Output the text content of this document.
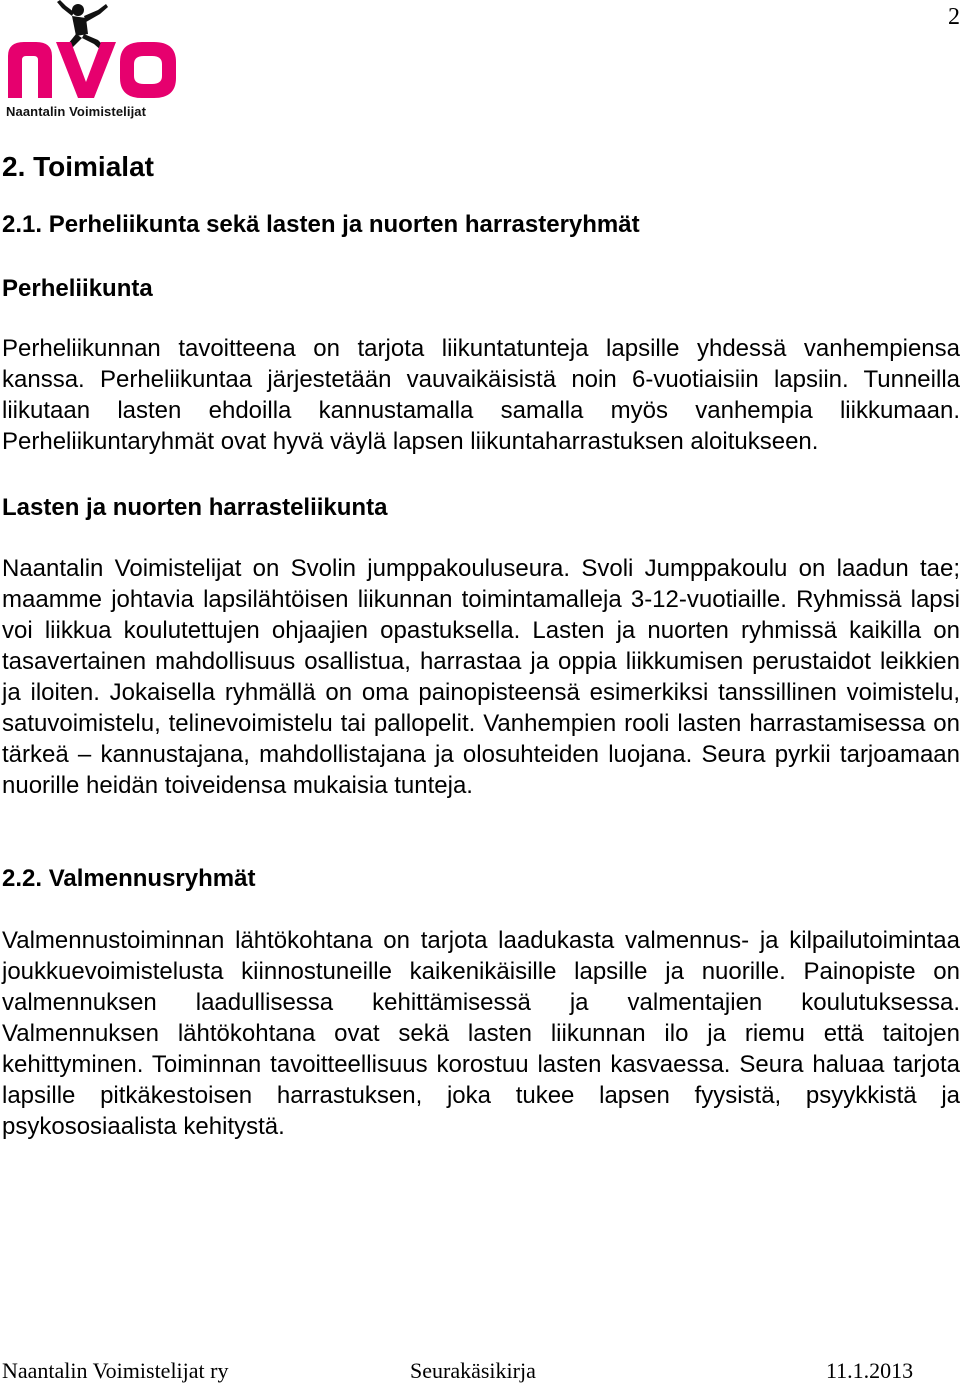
2
Naantalin Voimistelijat
2. Toimialat
2.1. Perheliikunta sekä lasten ja nuorten harrasteryhmät
Perheliikunta

Perheliikunnan tavoitteena on tarjota liikuntatunteja lapsille yhdessä vanhempiensa kanssa. Perheliikuntaa järjestetään vauvaikäisistä noin 6-vuotiaisiin lapsiin. Tunneilla liikutaan lasten ehdoilla kannustamalla samalla myös vanhempia liikkumaan. Perheliikuntaryhmät ovat hyvä väylä lapsen liikuntaharrastuksen aloitukseen.

Lasten ja nuorten harrasteliikunta

Naantalin Voimistelijat on Svolin jumppakouluseura. Svoli Jumppakoulu on laadun tae; maamme johtavia lapsilähtöisen liikunnan toimintamalleja 3-12-vuotiaille. Ryhmissä lapsi voi liikkua koulutettujen ohjaajien opastuksella. Lasten ja nuorten ryhmissä kaikilla on tasavertainen mahdollisuus osallistua, harrastaa ja oppia liikkumisen perustaidot leikkien ja iloiten. Jokaisella ryhmällä on oma painopisteensä esimerkiksi tanssillinen voimistelu, satuvoimistelu, telinevoimistelu tai pallopelit. Vanhempien rooli lasten harrastamisessa on tärkeä – kannustajana, mahdollistajana ja olosuhteiden luojana. Seura pyrkii tarjoamaan nuorille heidän toiveidensa mukaisia tunteja.

2.2. Valmennusryhmät

Valmennustoiminnan lähtökohtana on tarjota laadukasta valmennus- ja kilpailutoimintaa joukkuevoimistelusta kiinnostuneille kaikenikäisille lapsille ja nuorille. Painopiste on valmennuksen laadullisessa kehittämisessä ja valmentajien koulutuksessa. Valmennuksen lähtökohtana ovat sekä lasten liikunnan ilo ja riemu että taitojen kehittyminen. Toiminnan tavoitteellisuus korostuu lasten kasvaessa. Seura haluaa tarjota lapsille pitkäkestoisen harrastuksen, joka tukee lapsen fyysistä, psyykkistä ja psykososiaalista kehitystä.

Naantalin Voimistelijat ry	Seurakäsikirja	11.1.2013
